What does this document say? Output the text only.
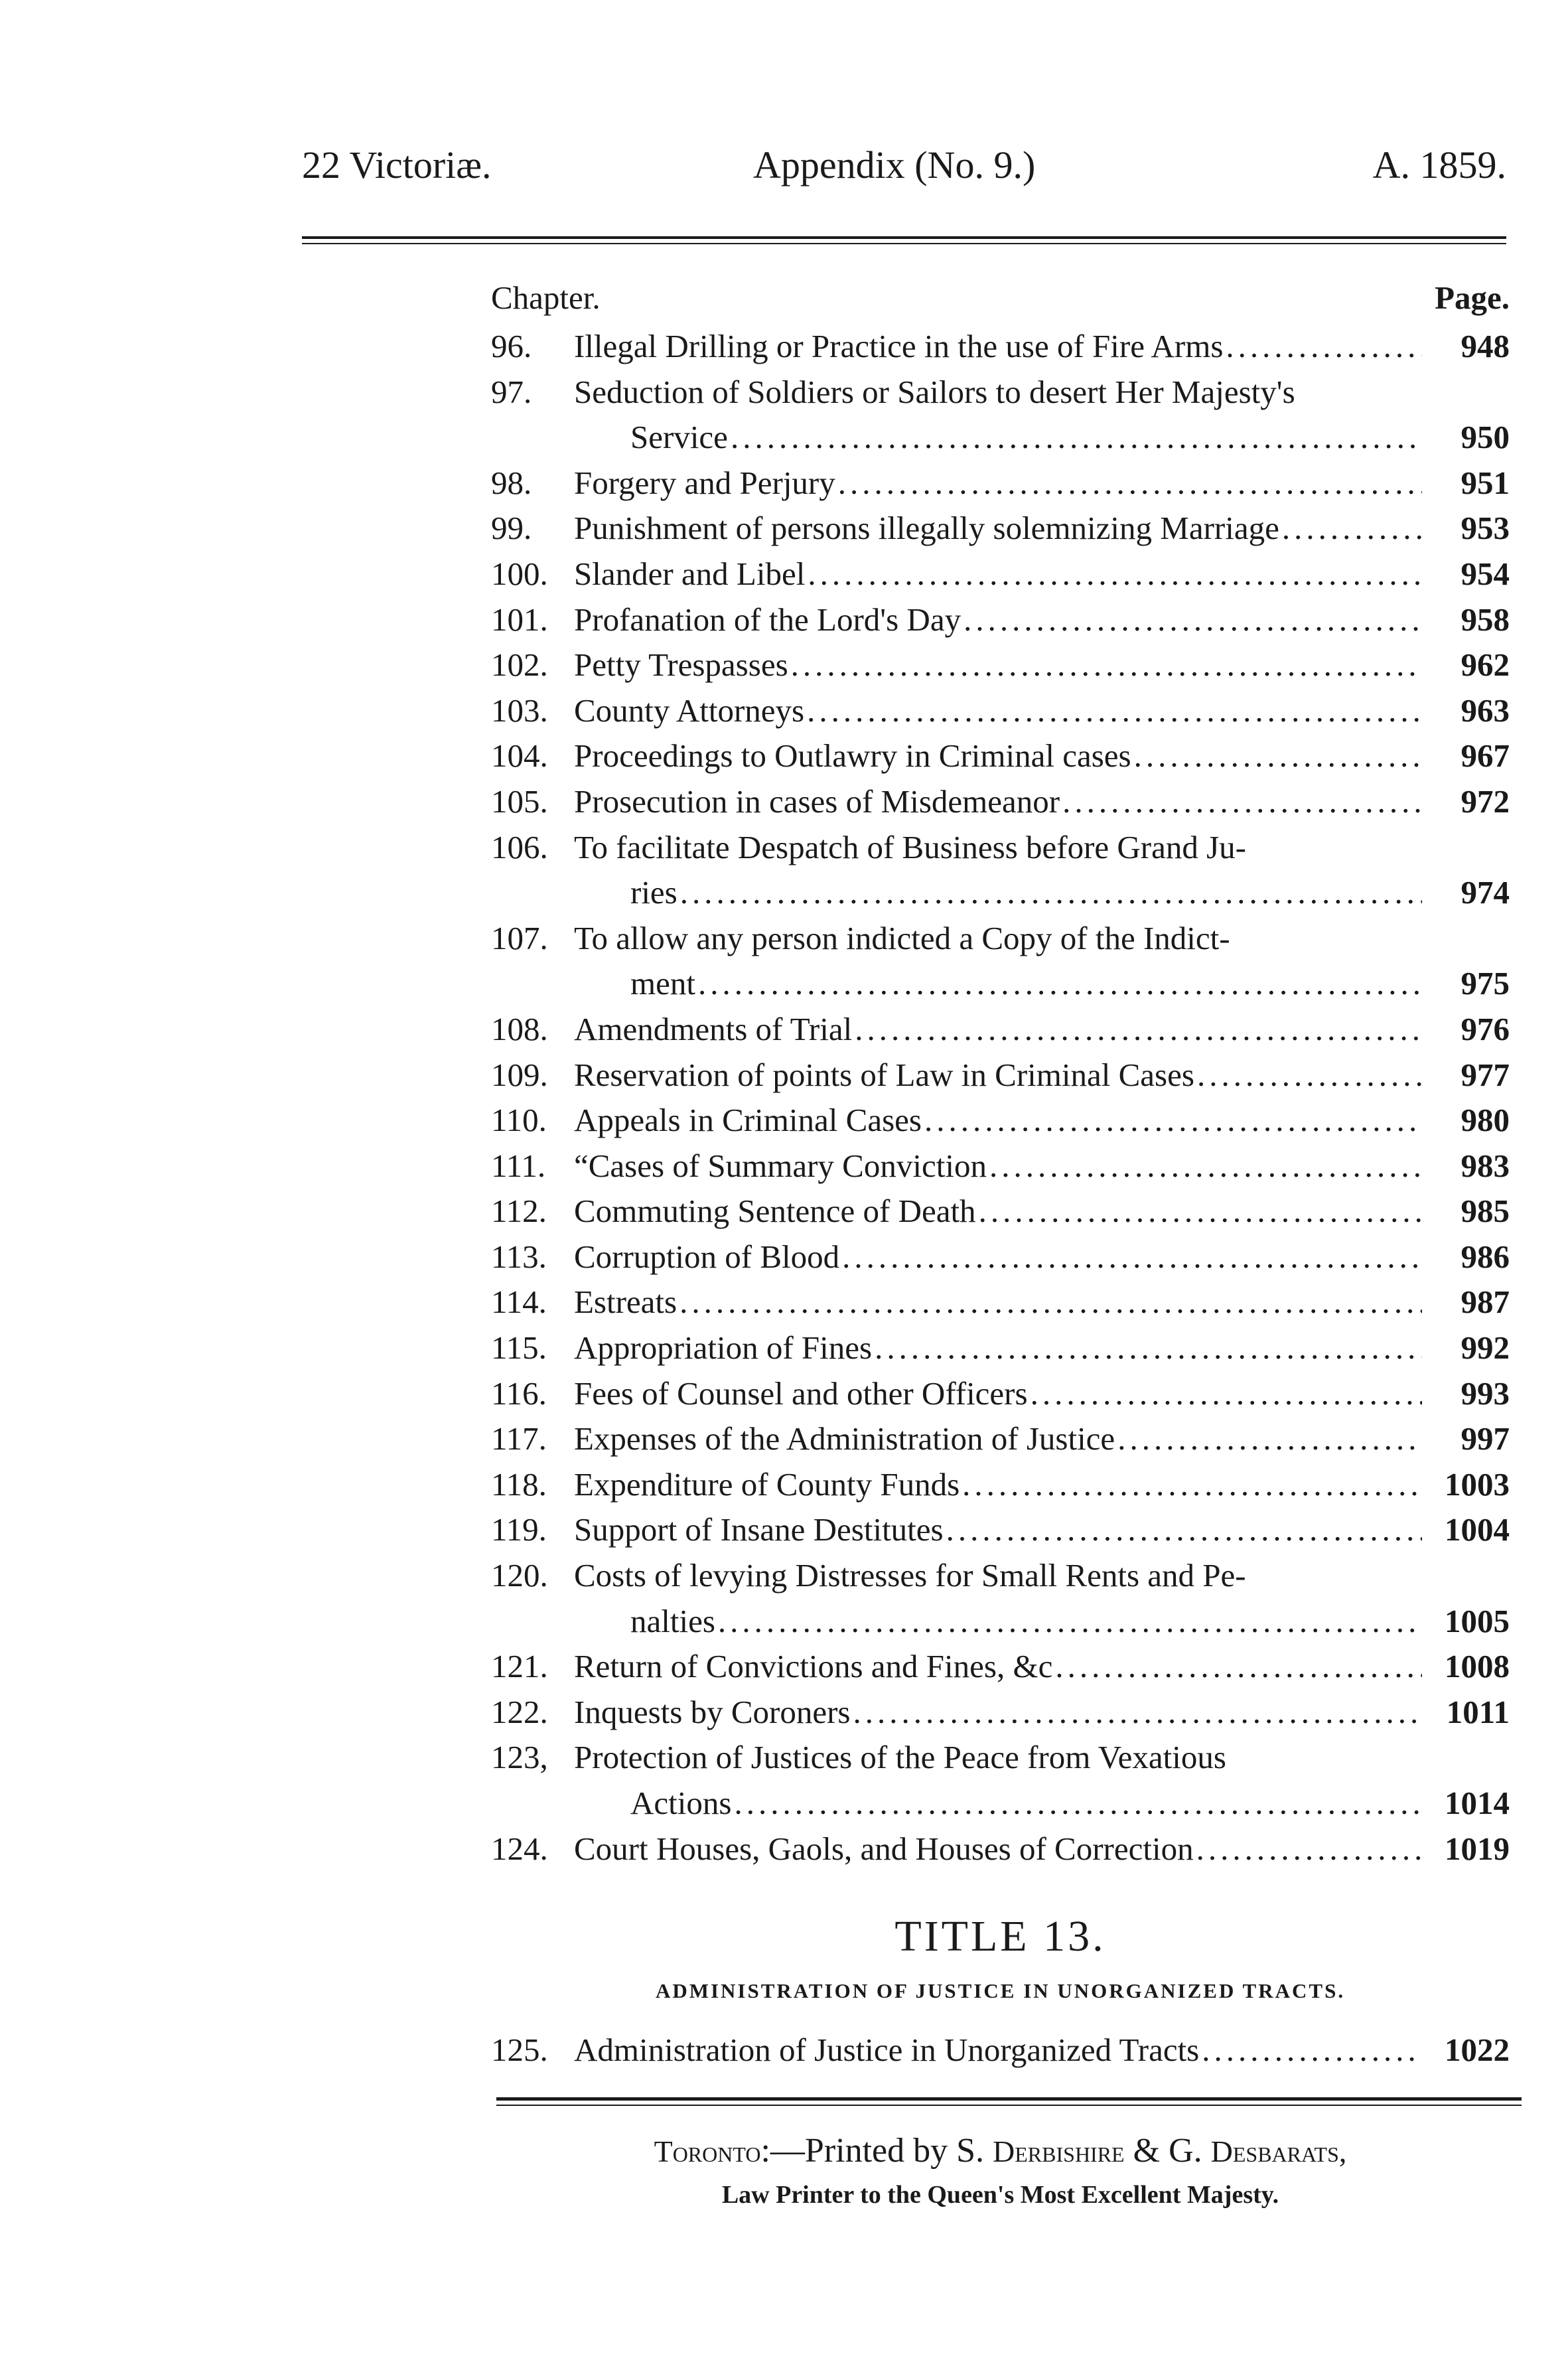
22 Victoriæ.	Appendix (No. 9.)	A. 1859.
Chapter.	Page.
96.	Illegal Drilling or Practice in the use of Fire Arms .....	948
97.	Seduction of Soldiers or Sailors to desert Her Majesty's
Service .....	950
98.	Forgery and Perjury .....	951
99.	Punishment of persons illegally solemnizing Marriage .....	953
100. Slander and Libel .....	954
101. Profanation of the Lord's Day .....	958
102. Petty Trespasses .....	962
103. County Attorneys .....	963
104. Proceedings to Outlawry in Criminal cases .....	967
105. Prosecution in cases of Misdemeanor .....	972
106. To facilitate Despatch of Business before Grand Ju-
ries .....	974
107. To allow any person indicted a Copy of the Indict-
ment .....	975
108. Amendments of Trial .....	976
109. Reservation of points of Law in Criminal Cases .....	977
110. Appeals in Criminal Cases .....	980
111. “ Cases of Summary Conviction .....	983
112. Commuting Sentence of Death .....	985
113. Corruption of Blood .....	986
114. Estreats .....	987
115. Appropriation of Fines .....	992
116. Fees of Counsel and other Officers .....	993
117. Expenses of the Administration of Justice .....	997
118. Expenditure of County Funds .....	1003
119. Support of Insane Destitutes .....	1004
120. Costs of levying Distresses for Small Rents and Pe-
nalties .....	1005
121. Return of Convictions and Fines, &c .....	1008
122. Inquests by Coroners .....	1011
123, Protection of Justices of the Peace from Vexatious
Actions .....	1014
124. Court Houses, Gaols, and Houses of Correction .....	1019
TITLE 13.
ADMINISTRATION OF JUSTICE IN UNORGANIZED TRACTS.
125. Administration of Justice in Unorganized Tracts .....	1022
Toronto:—Printed by S. Derbishire & G. Desbarats,
Law Printer to the Queen's Most Excellent Majesty.
